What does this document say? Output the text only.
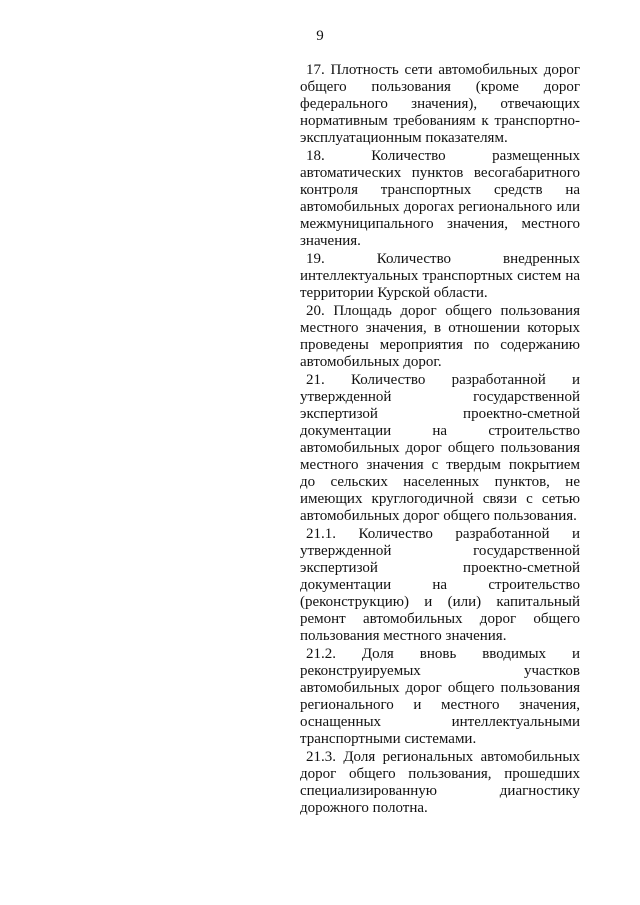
9

17. Плотность сети автомобильных дорог общего пользования (кроме дорог федерального значения), отвечающих нормативным требованиям к транспортно-эксплуатационным показателям.

18. Количество размещенных автоматических пунктов весогабаритного контроля транспортных средств на автомобильных дорогах регионального или межмуниципального значения, местного значения.

19. Количество внедренных интеллектуальных транспортных систем на территории Курской области.

20. Площадь дорог общего пользования местного значения, в отношении которых проведены мероприятия по содержанию автомобильных дорог.

21. Количество разработанной и утвержденной государственной экспертизой проектно-сметной документации на строительство автомобильных дорог общего пользования местного значения с твердым покрытием до сельских населенных пунктов, не имеющих круглогодичной связи с сетью автомобильных дорог общего пользования.

21.1. Количество разработанной и утвержденной государственной экспертизой проектно-сметной документации на строительство (реконструкцию) и (или) капитальный ремонт автомобильных дорог общего пользования местного значения.

21.2. Доля вновь вводимых и реконструируемых участков автомобильных дорог общего пользования регионального и местного значения, оснащенных интеллектуальными транспортными системами.

21.3. Доля региональных автомобильных дорог общего пользования, прошедших специализированную диагностику дорожного полотна.
